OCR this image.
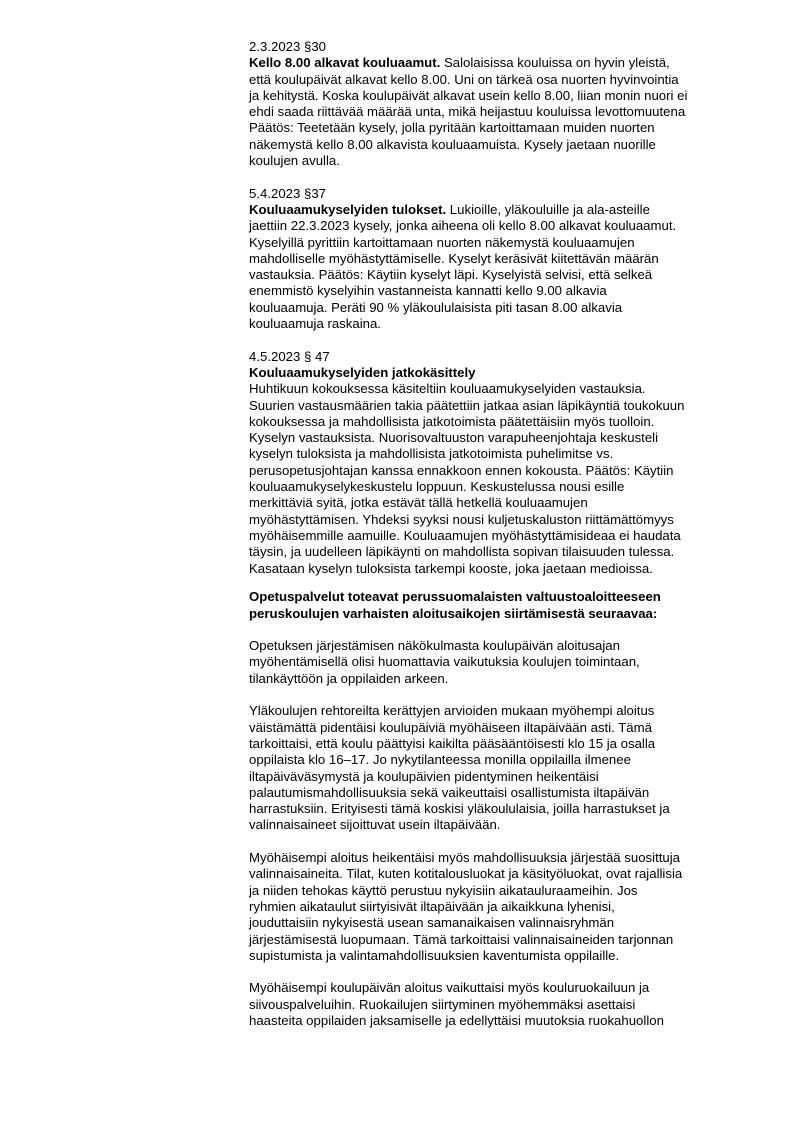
2.3.2023 §30
Kello 8.00 alkavat kouluaamut. Salolaisissa kouluissa on hyvin yleistä,
että koulupäivät alkavat kello 8.00. Uni on tärkeä osa nuorten hyvinvointia
ja kehitystä. Koska koulupäivät alkavat usein kello 8.00, liian monin nuori ei
ehdi saada riittävää määrää unta, mikä heijastuu kouluissa levottomuutena
Päätös: Teetetään kysely, jolla pyritään kartoittamaan muiden nuorten
näkemystä kello 8.00 alkavista kouluaamuista. Kysely jaetaan nuorille
koulujen avulla.
5.4.2023 §37
Kouluaamukyselyiden tulokset. Lukioille, yläkouluille ja ala-asteille
jaettiin 22.3.2023 kysely, jonka aiheena oli kello 8.00 alkavat kouluaamut.
Kyselyillä pyrittiin kartoittamaan nuorten näkemystä kouluaamujen
mahdolliselle myöhästyttämiselle. Kyselyt keräsivät kiitettävän määrän
vastauksia. Päätös: Käytiin kyselyt läpi. Kyselyistä selvisi, että selkeä
enemmistö kyselyihin vastanneista kannatti kello 9.00 alkavia
kouluaamuja. Peräti 90 % yläkoululaisista piti tasan 8.00 alkavia
kouluaamuja raskaina.
4.5.2023 § 47
Kouluaamukyselyiden jatkokäsittely
Huhtikuun kokouksessa käsiteltiin kouluaamukyselyiden vastauksia.
Suurien vastausmäärien takia päätettiin jatkaa asian läpikäyntiä toukokuun
kokouksessa ja mahdollisista jatkotoimista päätettäisiin myös tuolloin.
Kyselyn vastauksista. Nuorisovaltuuston varapuheenjohtaja keskusteli
kyselyn tuloksista ja mahdollisista jatkotoimista puhelimitse vs.
perusopetusjohtajan kanssa ennakkoon ennen kokousta. Päätös: Käytiin
kouluaamukyselykeskustelu loppuun. Keskustelussa nousi esille
merkittäviä syitä, jotka estävät tällä hetkellä kouluaamujen
myöhästyttämisen. Yhdeksi syyksi nousi kuljetuskaluston riittämättömyys
myöhäisemmille aamuille. Kouluaamujen myöhästyttämisideaa ei haudata
täysin, ja uudelleen läpikäynti on mahdollista sopivan tilaisuuden tulessa.
Kasataan kyselyn tuloksista tarkempi kooste, joka jaetaan medioissa.
Opetuspalvelut toteavat perussuomalaisten valtuustoaloitteeseen
peruskoulujen varhaisten aloitusaikojen siirtämisestä seuraavaa:
Opetuksen järjestämisen näkökulmasta koulupäivän aloitusajan
myöhentämisellä olisi huomattavia vaikutuksia koulujen toimintaan,
tilankäyttöön ja oppilaiden arkeen.
Yläkoulujen rehtoreilta kerättyjen arvioiden mukaan myöhempi aloitus
väistämättä pidentäisi koulupäiviä myöhäiseen iltapäivään asti. Tämä
tarkoittaisi, että koulu päättyisi kaikilta pääsääntöisesti klo 15 ja osalla
oppilaista klo 16–17. Jo nykytilanteessa monilla oppilailla ilmenee
iltapäiväväsymystä ja koulupäivien pidentyminen heikentäisi
palautumismahdollisuuksia sekä vaikeuttaisi osallistumista iltapäivän
harrastuksiin. Erityisesti tämä koskisi yläkoululaisia, joilla harrastukset ja
valinnaisaineet sijoittuvat usein iltapäivään.
Myöhäisempi aloitus heikentäisi myös mahdollisuuksia järjestää suosittuja
valinnaisaineita. Tilat, kuten kotitalousluokat ja käsityöluokat, ovat rajallisia
ja niiden tehokas käyttö perustuu nykyisiin aikatauluraameihin. Jos
ryhmien aikataulut siirtyisivät iltapäivään ja aikaikkuna lyhenisi,
jouduttaisiin nykyisestä usean samanaikaisen valinnaisryhmän
järjestämisestä luopumaan. Tämä tarkoittaisi valinnaisaineiden tarjonnan
supistumista ja valintamahdollisuuksien kaventumista oppilaille.
Myöhäisempi koulupäivän aloitus vaikuttaisi myös kouluruokailuun ja
siivouspalveluihin. Ruokailujen siirtyminen myöhemmäksi asettaisi
haasteita oppilaiden jaksamiselle ja edellyttäisi muutoksia ruokahuollon
